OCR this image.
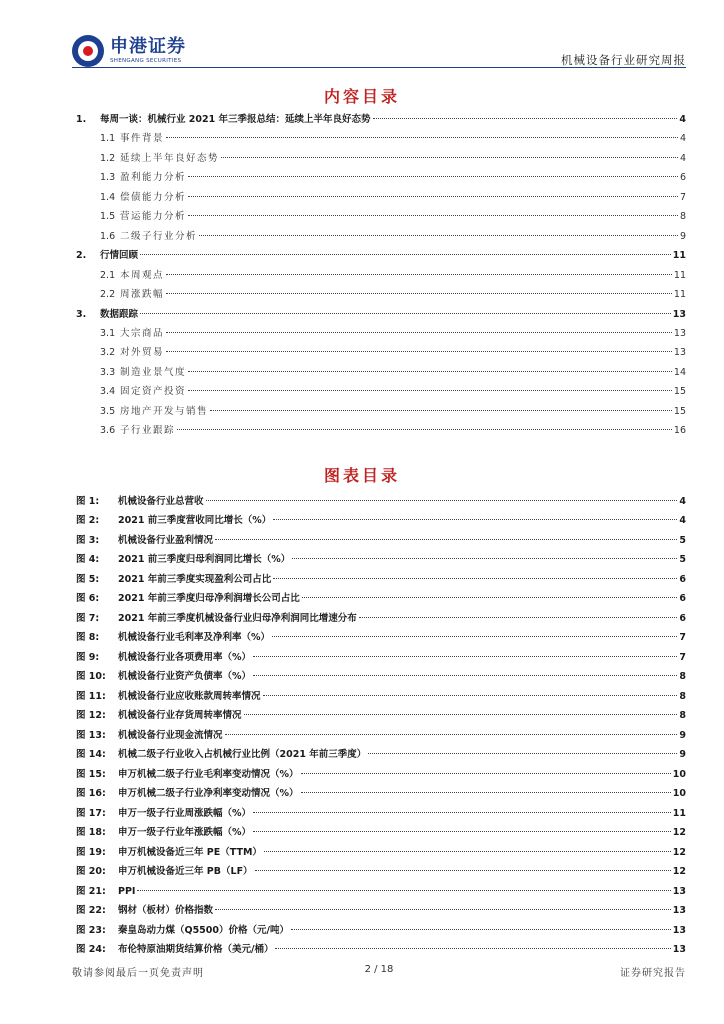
申港证券
SHENGANG SECURITIES	机械设备行业研究周报
内容目录
图表目录
敬请参阅最后一页免责声明	2 / 18	证券研究报告
1.	每周一谈：机械行业 2021 年三季报总结：延续上半年良好态势	4
1.1 事件背景	4
1.2 延续上半年良好态势	4
1.3 盈利能力分析	6
1.4 偿债能力分析	7
1.5 营运能力分析	8
1.6 二级子行业分析	9
2.	行情回顾	11
2.1 本周观点	11
2.2 周涨跌幅	11
3.	数据跟踪	13
3.1 大宗商品	13
3.2 对外贸易	13
3.3 制造业景气度	14
3.4 固定资产投资	15
3.5 房地产开发与销售	15
3.6 子行业跟踪	16
图 1:	机械设备行业总营收	4
图 2:	2021 前三季度营收同比增长（%）	4
图 3:	机械设备行业盈利情况	5
图 4:	2021 前三季度归母利润同比增长（%）	5
图 5:	2021 年前三季度实现盈利公司占比	6
图 6:	2021 年前三季度归母净利润增长公司占比	6
图 7:	2021 年前三季度机械设备行业归母净利润同比增速分布	6
图 8:	机械设备行业毛利率及净利率（%）	7
图 9:	机械设备行业各项费用率（%）	7
图 10:	机械设备行业资产负债率（%）	8
图 11:	机械设备行业应收账款周转率情况	8
图 12:	机械设备行业存货周转率情况	8
图 13:	机械设备行业现金流情况	9
图 14:	机械二级子行业收入占机械行业比例（2021 年前三季度）	9
图 15:	申万机械二级子行业毛利率变动情况（%）	10
图 16:	申万机械二级子行业净利率变动情况（%）	10
图 17:	申万一级子行业周涨跌幅（%）	11
图 18:	申万一级子行业年涨跌幅（%）	12
图 19:	申万机械设备近三年 PE（TTM）	12
图 20:	申万机械设备近三年 PB（LF）	12
图 21:	PPI	13
图 22:	钢材（板材）价格指数	13
图 23:	秦皇岛动力煤（Q5500）价格（元/吨）	13
图 24:	布伦特原油期货结算价格（美元/桶）	13
